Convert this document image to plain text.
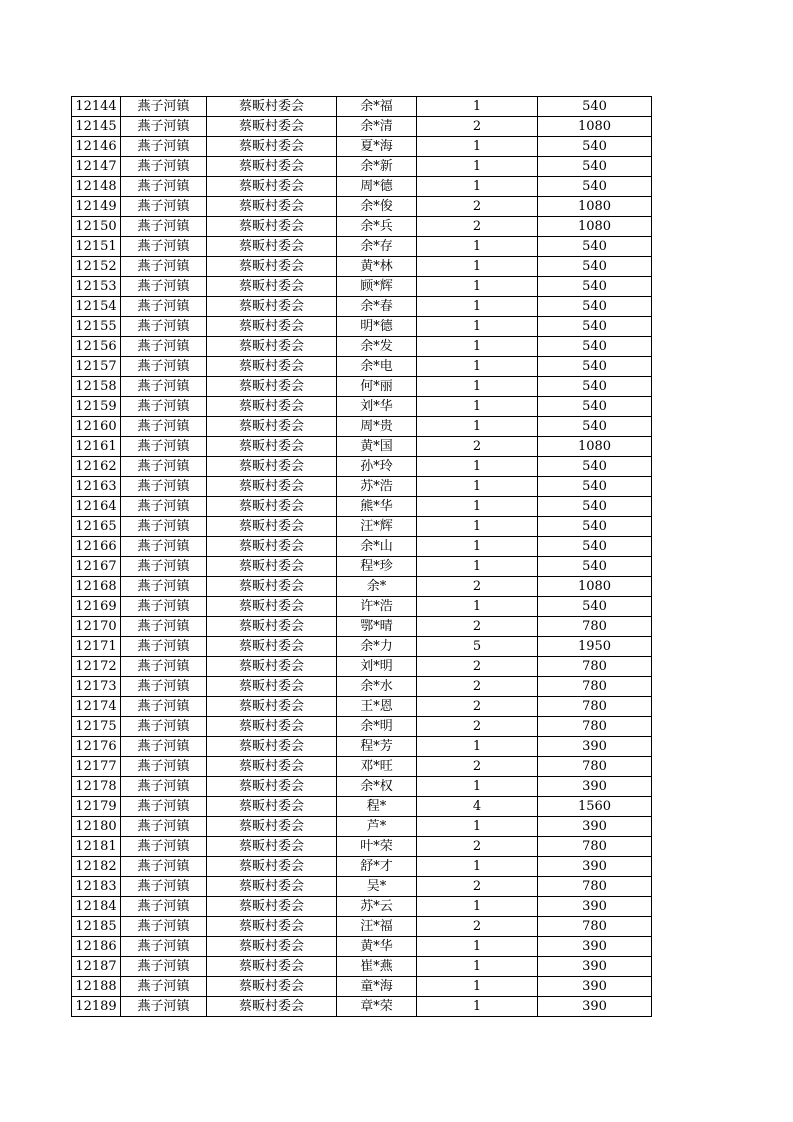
12144	燕子河镇	蔡畈村委会	余*福	1	540
12145	燕子河镇	蔡畈村委会	余*清	2	1080
12146	燕子河镇	蔡畈村委会	夏*海	1	540
12147	燕子河镇	蔡畈村委会	余*新	1	540
12148	燕子河镇	蔡畈村委会	周*德	1	540
12149	燕子河镇	蔡畈村委会	余*俊	2	1080
12150	燕子河镇	蔡畈村委会	余*兵	2	1080
12151	燕子河镇	蔡畈村委会	余*存	1	540
12152	燕子河镇	蔡畈村委会	黄*林	1	540
12153	燕子河镇	蔡畈村委会	顾*辉	1	540
12154	燕子河镇	蔡畈村委会	余*春	1	540
12155	燕子河镇	蔡畈村委会	明*德	1	540
12156	燕子河镇	蔡畈村委会	余*发	1	540
12157	燕子河镇	蔡畈村委会	余*电	1	540
12158	燕子河镇	蔡畈村委会	何*丽	1	540
12159	燕子河镇	蔡畈村委会	刘*华	1	540
12160	燕子河镇	蔡畈村委会	周*贵	1	540
12161	燕子河镇	蔡畈村委会	黄*国	2	1080
12162	燕子河镇	蔡畈村委会	孙*玲	1	540
12163	燕子河镇	蔡畈村委会	苏*浩	1	540
12164	燕子河镇	蔡畈村委会	熊*华	1	540
12165	燕子河镇	蔡畈村委会	汪*辉	1	540
12166	燕子河镇	蔡畈村委会	余*山	1	540
12167	燕子河镇	蔡畈村委会	程*珍	1	540
12168	燕子河镇	蔡畈村委会	余*	2	1080
12169	燕子河镇	蔡畈村委会	许*浩	1	540
12170	燕子河镇	蔡畈村委会	鄂*晴	2	780
12171	燕子河镇	蔡畈村委会	余*力	5	1950
12172	燕子河镇	蔡畈村委会	刘*明	2	780
12173	燕子河镇	蔡畈村委会	余*水	2	780
12174	燕子河镇	蔡畈村委会	王*恩	2	780
12175	燕子河镇	蔡畈村委会	余*明	2	780
12176	燕子河镇	蔡畈村委会	程*芳	1	390
12177	燕子河镇	蔡畈村委会	邓*旺	2	780
12178	燕子河镇	蔡畈村委会	余*权	1	390
12179	燕子河镇	蔡畈村委会	程*	4	1560
12180	燕子河镇	蔡畈村委会	芦*	1	390
12181	燕子河镇	蔡畈村委会	叶*荣	2	780
12182	燕子河镇	蔡畈村委会	舒*才	1	390
12183	燕子河镇	蔡畈村委会	吴*	2	780
12184	燕子河镇	蔡畈村委会	苏*云	1	390
12185	燕子河镇	蔡畈村委会	汪*福	2	780
12186	燕子河镇	蔡畈村委会	黄*华	1	390
12187	燕子河镇	蔡畈村委会	崔*燕	1	390
12188	燕子河镇	蔡畈村委会	童*海	1	390
12189	燕子河镇	蔡畈村委会	章*荣	1	390
